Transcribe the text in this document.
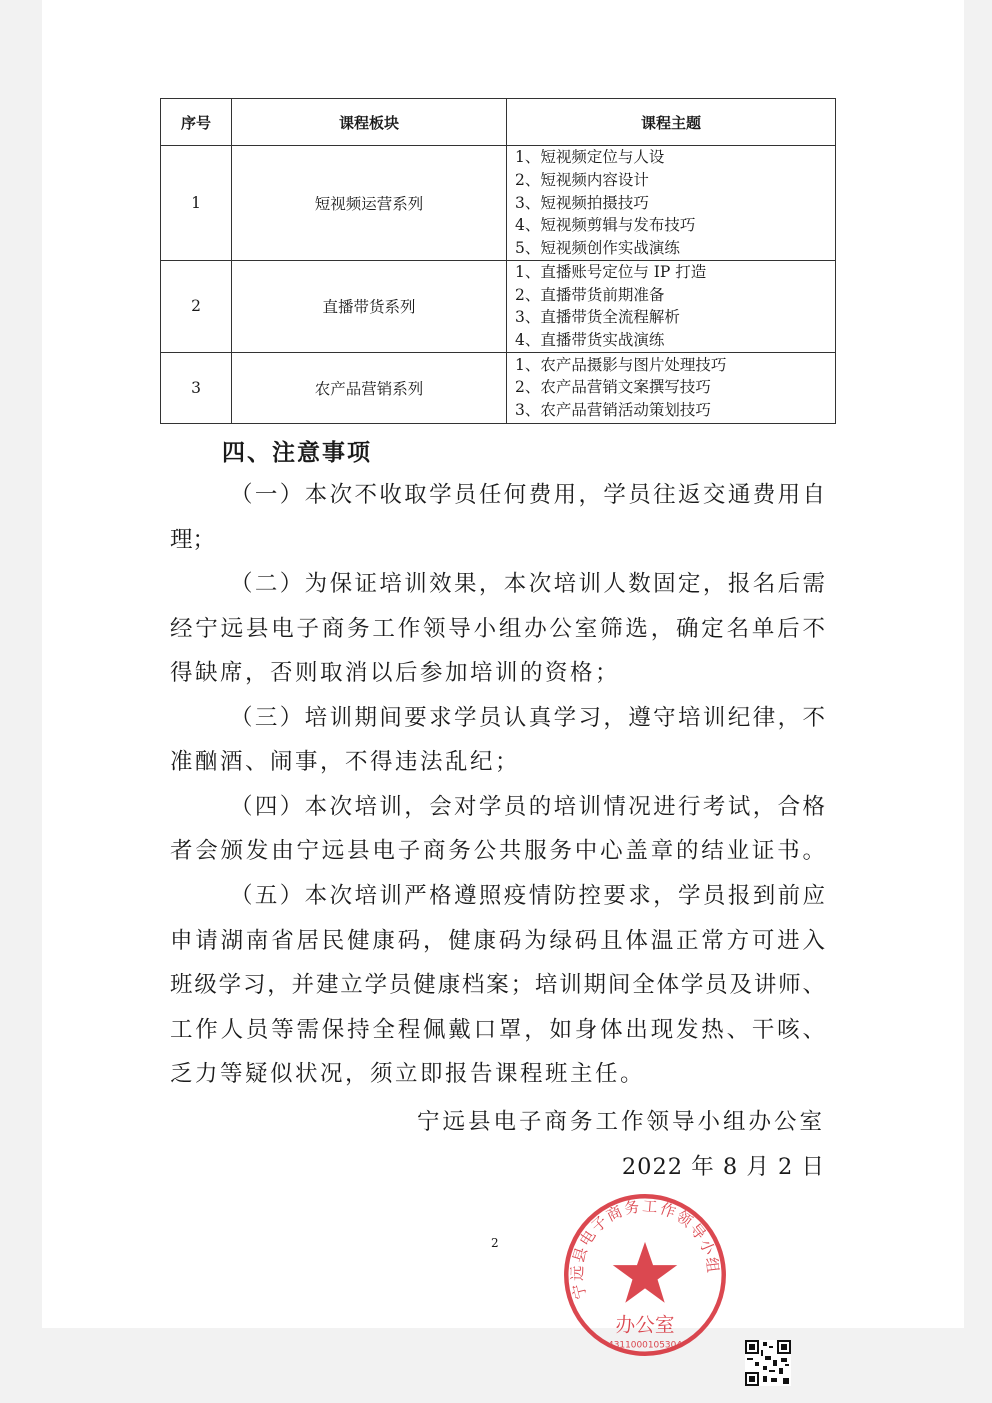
序号	课程板块	课程主题
1	短视频运营系列	1、短视频定位与人设
2、短视频内容设计
3、短视频拍摄技巧
4、短视频剪辑与发布技巧
5、短视频创作实战演练

2	直播带货系列	1、直播账号定位与 IP 打造
2、直播带货前期准备
3、直播带货全流程解析
4、直播带货实战演练

3	农产品营销系列	1、农产品摄影与图片处理技巧
2、农产品营销文案撰写技巧
3、农产品营销活动策划技巧
四、注意事项
（一）本次不收取学员任何费用，学员往返交通费用自
理；
（二）为保证培训效果，本次培训人数固定，报名后需
经宁远县电子商务工作领导小组办公室筛选，确定名单后不
得缺席，否则取消以后参加培训的资格；
（三）培训期间要求学员认真学习，遵守培训纪律，不
准酗酒、闹事，不得违法乱纪；
（四）本次培训，会对学员的培训情况进行考试，合格
者会颁发由宁远县电子商务公共服务中心盖章的结业证书。
（五）本次培训严格遵照疫情防控要求，学员报到前应
申请湖南省居民健康码，健康码为绿码且体温正常方可进入
班级学习，并建立学员健康档案；培训期间全体学员及讲师、
工作人员等需保持全程佩戴口罩，如身体出现发热、干咳、
乏力等疑似状况，须立即报告课程班主任。
宁远县电子商务工作领导小组办公室
2022 年 8 月 2 日
宁远县电子商务工作领导小组
办公室
4311000105304
2
